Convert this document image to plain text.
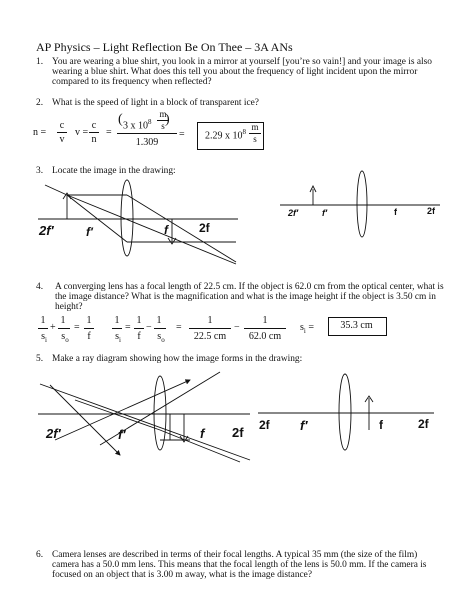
AP Physics – Light Reflection Be On Thee – 3A ANs
1. You are wearing a blue shirt, you look in a mirror at yourself [you’re so vain!] and your image is also
wearing a blue shirt. What does this tell you about the frequency of light incident upon the mirror
compared to its frequency when reflected?
2. What is the speed of light in a block of transparent ice?
n =
c
v
v =
c
n
=
( 3 x $10^8$
m
s )
1.309
= 2.29 x $10^8$ m
s
3. Locate the image in the drawing:
4. A converging lens has a focal length of 22.5 cm. If the object is 62.0 cm from the optical center, what is
the image distance? What is the magnification and what is the image height if the object is 3.50 cm in
height?
1
$s_i$
+
1
$s_o$
=
1
f
1
$s_i$
=
1
f
−
1
$s_o$
=
1
22.5 cm
−
1
62.0 cm
$s_i$ =	35.3 cm
5. Make a ray diagram showing how the image forms in the drawing:
6. Camera lenses are described in terms of their focal lengths. A typical 35 mm (the size of the film)
camera has a 50.0 mm lens. This means that the focal length of the lens is 50.0 mm. If the camera is
focused on an object that is 3.00 m away, what is the image distance?
2f′	f′	f	2f
2f′	f′	f	2f
2f′	f′	f 2f 2f f′	f	2f
